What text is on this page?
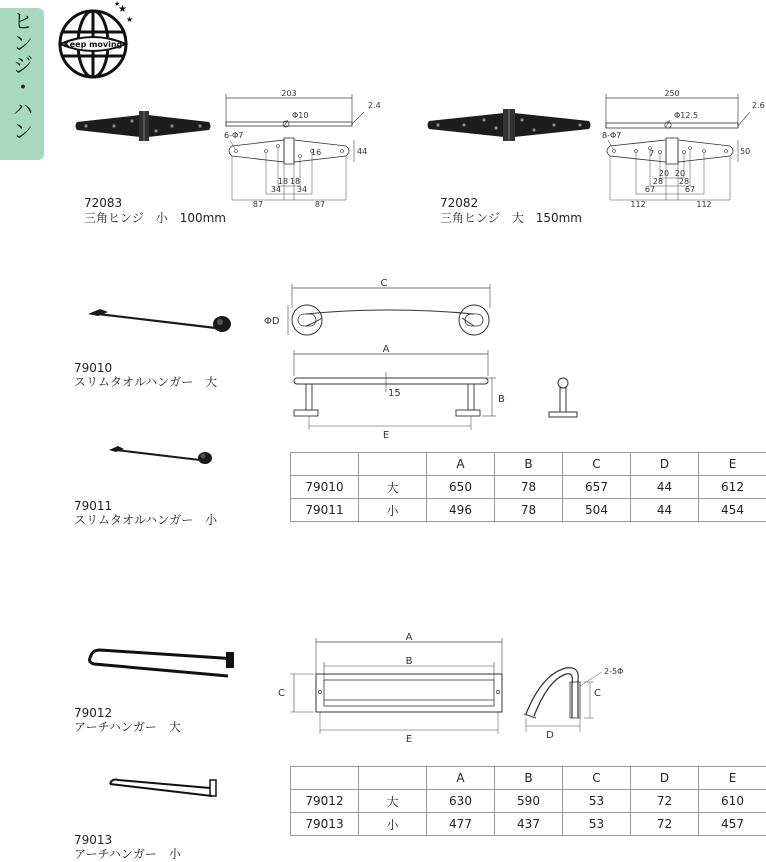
ヒンジ・ハン
Keep moving
★
★
★
203
Φ10
2.4
6-Φ7
16	44
18 18
34 34
87	87
72083
三角ヒンジ　小　100mm
250
Φ12.5
2.6
8-Φ7
7	50
20 20
28 28
67	67
112	112
72082
三角ヒンジ　大　150mm
79010
スリムタオルハンガー　大
79011
スリムタオルハンガー　小
C
ΦD
A
15
B
E
		A	B	C	D	E
79010	大	650	78	657	44	612
79011	小	496	78	504	44	454
79012
アーチハンガー　大
79013
アーチハンガー　小
A
B
C
E
2-5Φ
C
D
		A	B	C	D	E
79012	大	630	590	53	72	610
79013	小	477	437	53	72	457
